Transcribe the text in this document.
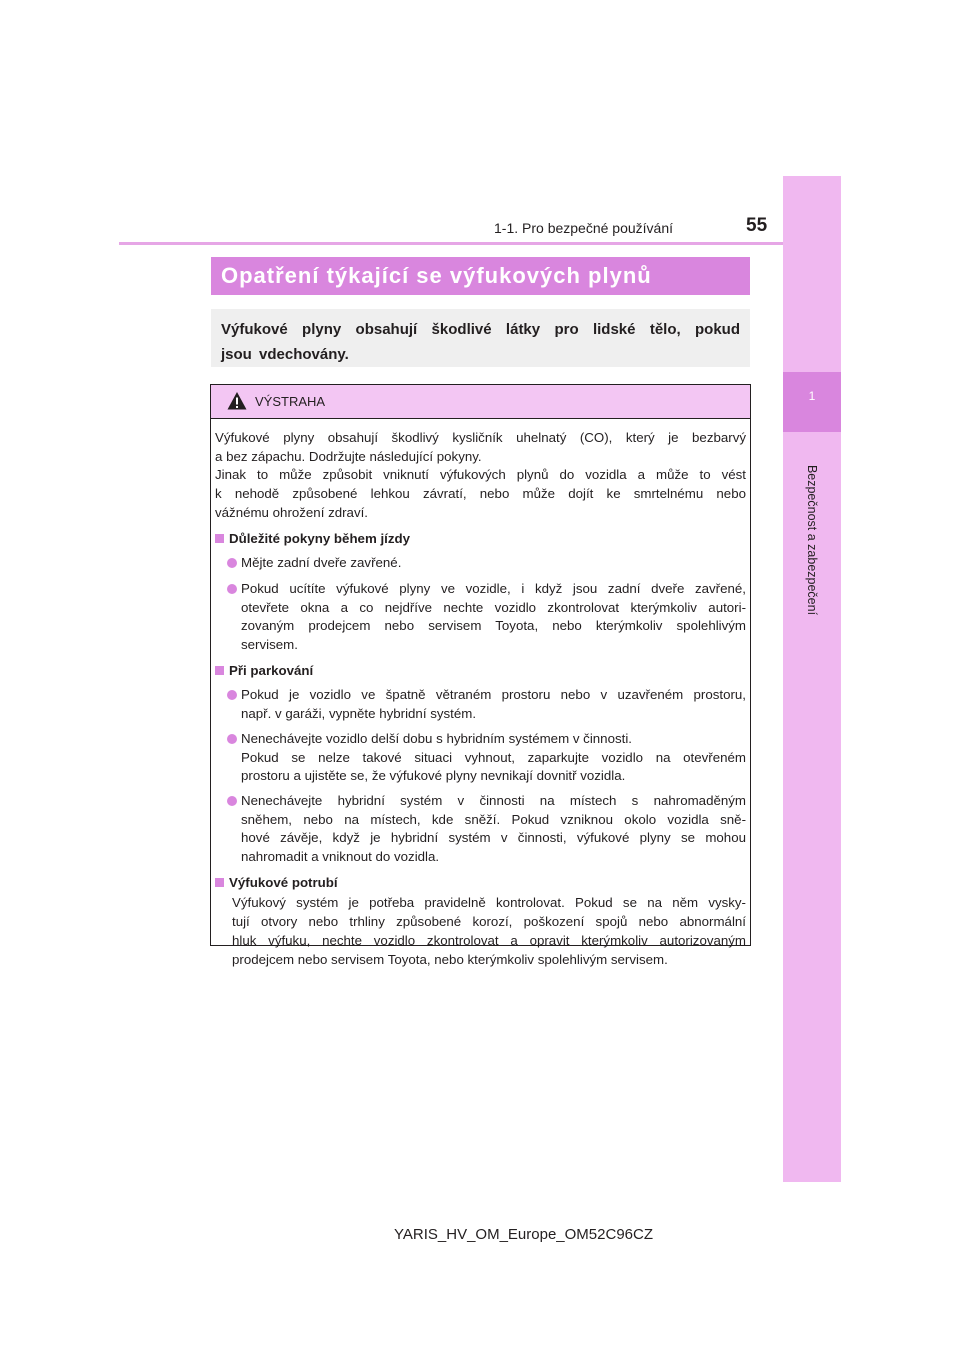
1
Bezpečnost a zabezpečení
1-1. Pro bezpečné používání	55
Opatření týkající se výfukových plynů

Výfukové plyny obsahují škodlivé látky pro lidské tělo, pokud
jsou vdechovány.

VÝSTRAHA
Výfukové plyny obsahují škodlivý kysličník uhelnatý (CO), který je bezbarvý
a bez zápachu. Dodržujte následující pokyny.
Jinak to může způsobit vniknutí výfukových plynů do vozidla a může to vést
k nehodě způsobené lehkou závratí, nebo může dojít ke smrtelnému nebo
vážnému ohrožení zdraví.
Důležité pokyny během jízdy
Mějte zadní dveře zavřené.
Pokud ucítíte výfukové plyny ve vozidle, i když jsou zadní dveře zavřené,
otevřete okna a co nejdříve nechte vozidlo zkontrolovat kterýmkoliv autori-
zovaným prodejcem nebo servisem Toyota, nebo kterýmkoliv spolehlivým
servisem.
Při parkování
Pokud je vozidlo ve špatně větraném prostoru nebo v uzavřeném prostoru,
např. v garáži, vypněte hybridní systém.
Nenechávejte vozidlo delší dobu s hybridním systémem v činnosti.
Pokud se nelze takové situaci vyhnout, zaparkujte vozidlo na otevřeném
prostoru a ujistěte se, že výfukové plyny nevnikají dovnitř vozidla.
Nenechávejte hybridní systém v činnosti na místech s nahromaděným
sněhem, nebo na místech, kde sněží. Pokud vzniknou okolo vozidla sně-
hové závěje, když je hybridní systém v činnosti, výfukové plyny se mohou
nahromadit a vniknout do vozidla.
Výfukové potrubí
Výfukový systém je potřeba pravidelně kontrolovat. Pokud se na něm vysky-
tují otvory nebo trhliny způsobené korozí, poškození spojů nebo abnormální
hluk výfuku, nechte vozidlo zkontrolovat a opravit kterýmkoliv autorizovaným
prodejcem nebo servisem Toyota, nebo kterýmkoliv spolehlivým servisem.
YARIS_HV_OM_Europe_OM52C96CZ
